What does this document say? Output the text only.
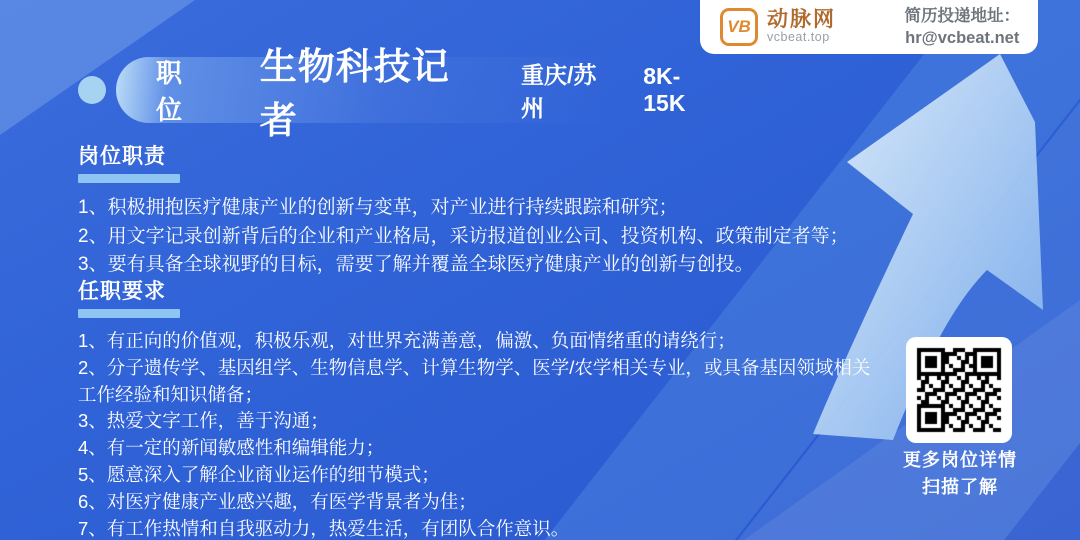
VB 动脉网
vcbeat.top
简历投递地址：
hr@vcbeat.net
职位
生物科技记者
重庆/苏州
8K-15K
岗位职责
1、积极拥抱医疗健康产业的创新与变革，对产业进行持续跟踪和研究；
2、用文字记录创新背后的企业和产业格局，采访报道创业公司、投资机构、政策制定者等；
3、要有具备全球视野的目标，需要了解并覆盖全球医疗健康产业的创新与创投。
任职要求
1、有正向的价值观，积极乐观，对世界充满善意，偏激、负面情绪重的请绕行；
2、分子遗传学、基因组学、生物信息学、计算生物学、医学/农学相关专业，或具备基因领域相关工作经验和知识储备；
3、热爱文字工作，善于沟通；
4、有一定的新闻敏感性和编辑能力；
5、愿意深入了解企业商业运作的细节模式；
6、对医疗健康产业感兴趣，有医学背景者为佳；
7、有工作热情和自我驱动力，热爱生活，有团队合作意识。
更多岗位详情
扫描了解
